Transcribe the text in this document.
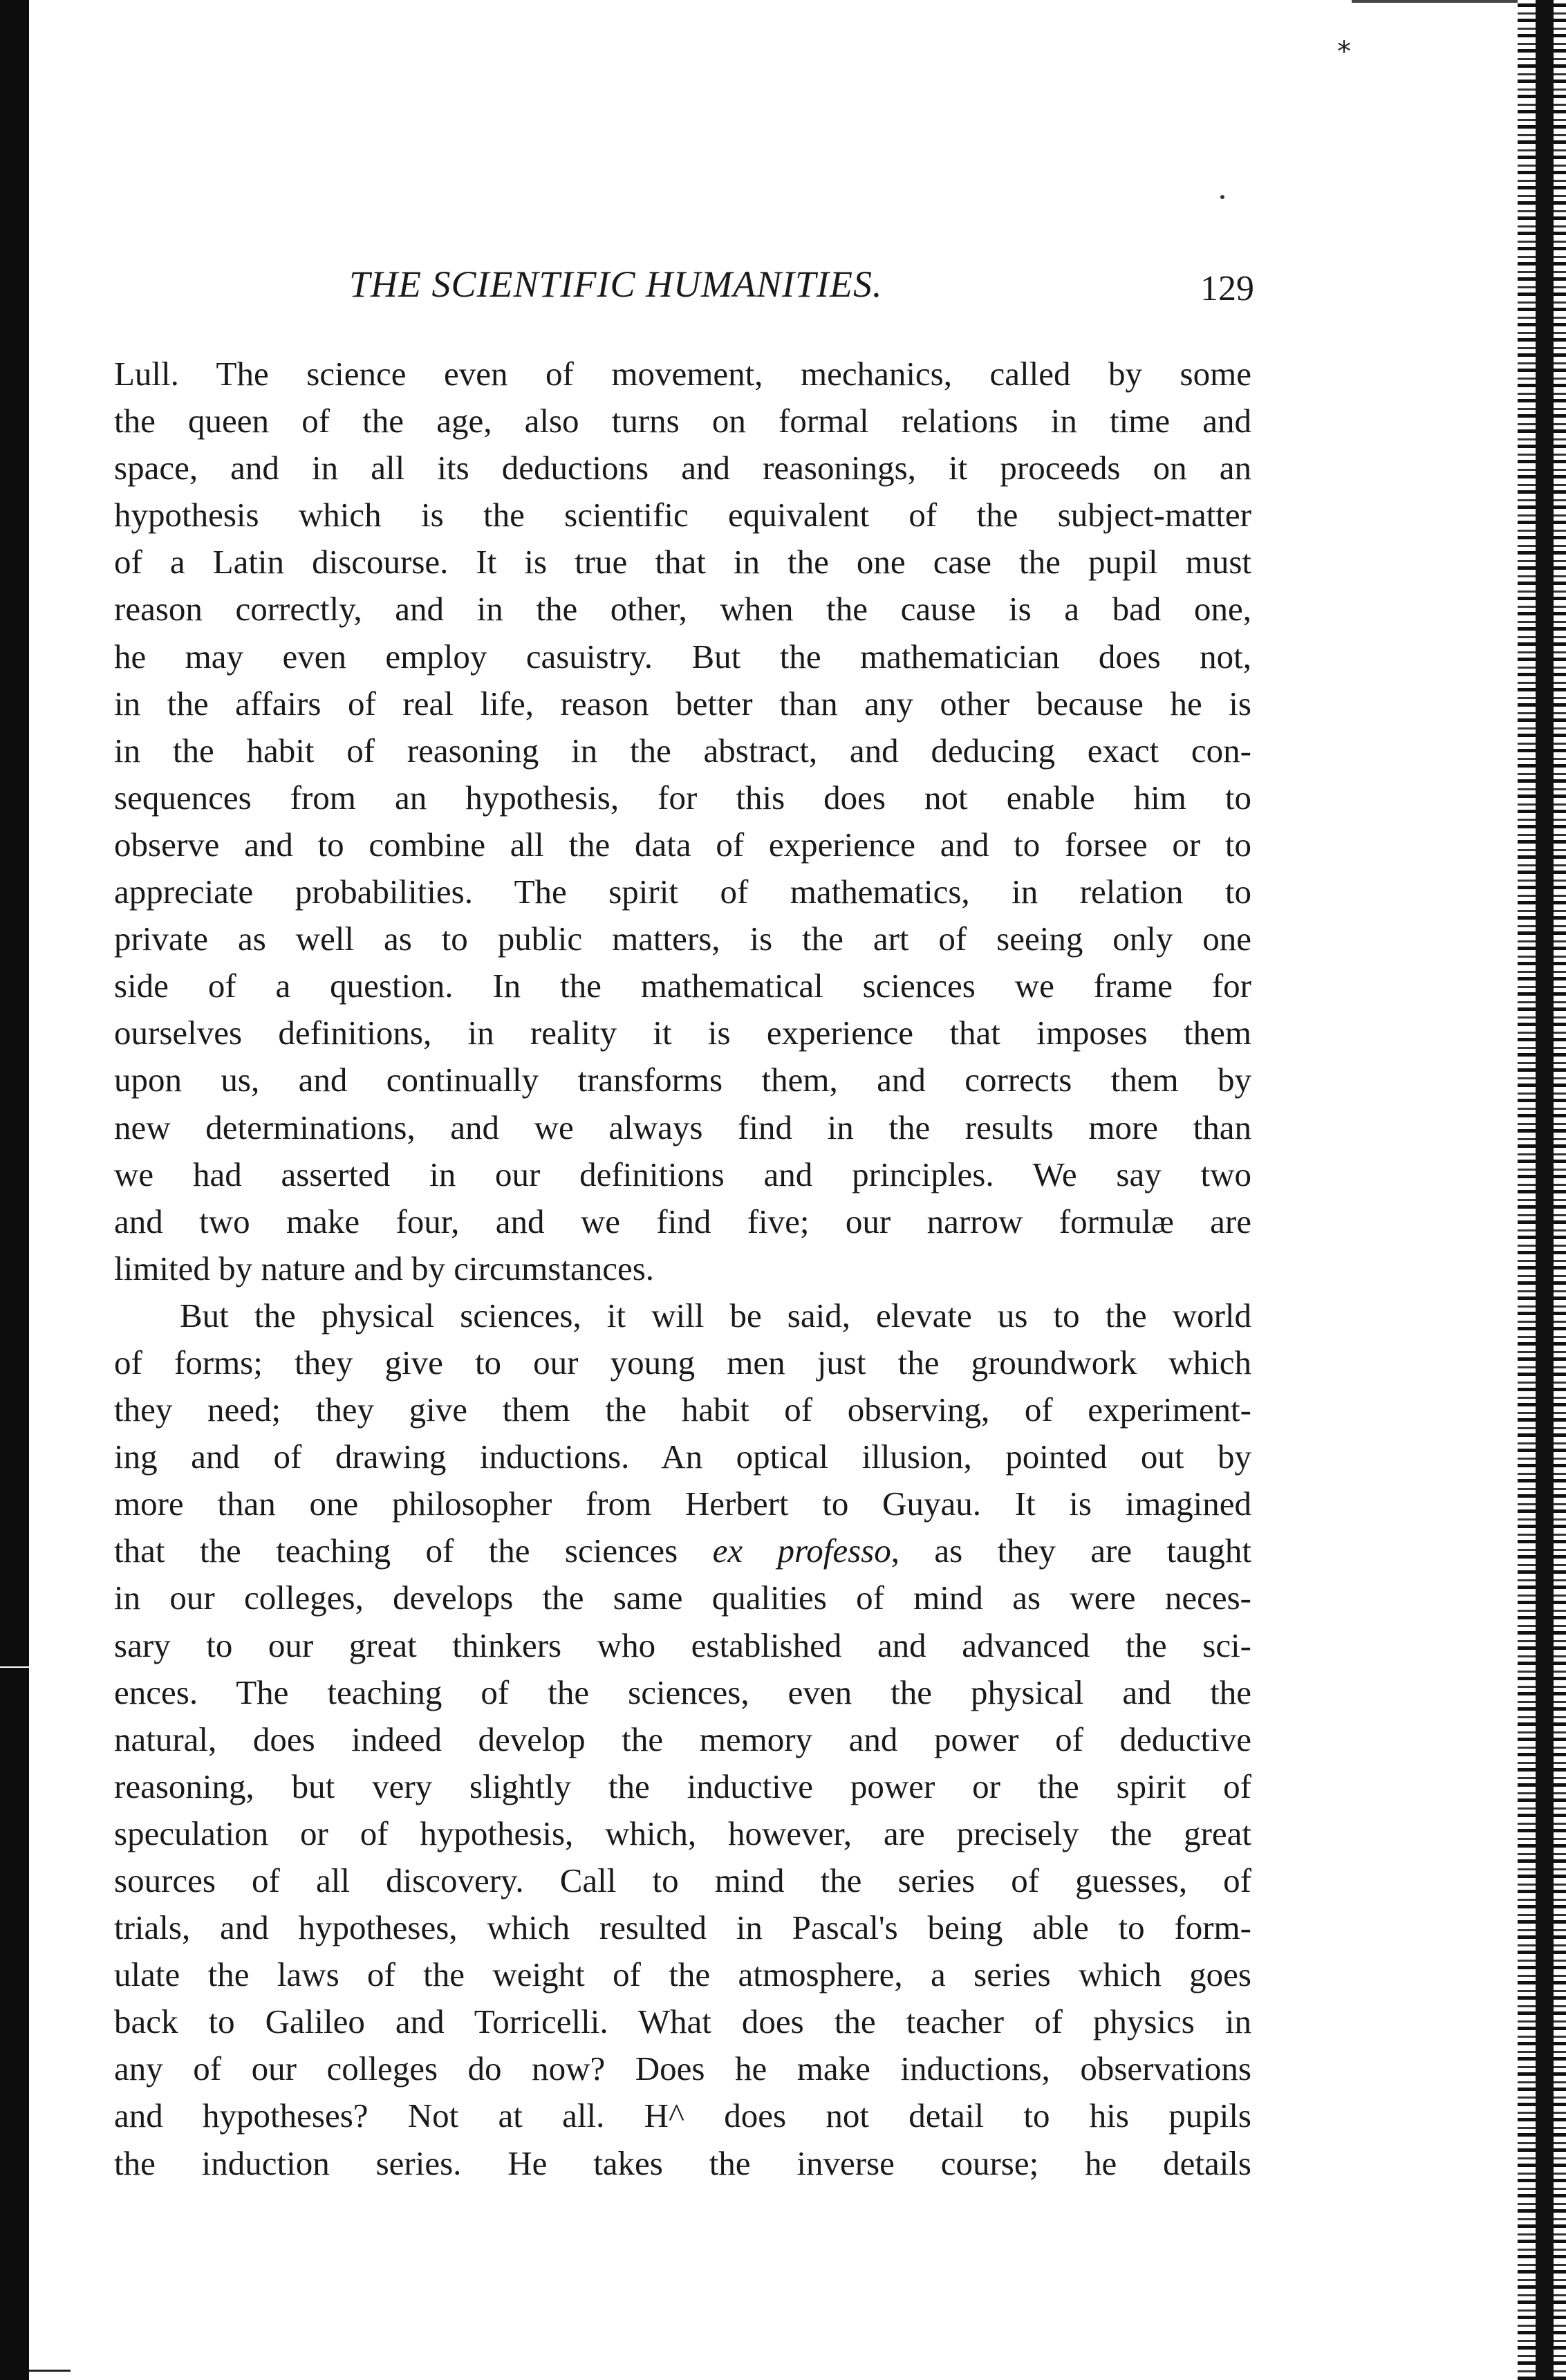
*
THE SCIENTIFIC HUMANITIES.	129
Lull. The science even of movement, mechanics, called by some
the queen of the age, also turns on formal relations in time and
space, and in all its deductions and reasonings, it proceeds on an
hypothesis which is the scientific equivalent of the subject-matter
of a Latin discourse. It is true that in the one case the pupil must
reason correctly, and in the other, when the cause is a bad one,
he may even employ casuistry. But the mathematician does not,
in the affairs of real life, reason better than any other because he is
in the habit of reasoning in the abstract, and deducing exact con-
sequences from an hypothesis, for this does not enable him to
observe and to combine all the data of experience and to forsee or to
appreciate probabilities. The spirit of mathematics, in relation to
private as well as to public matters, is the art of seeing only one
side of a question. In the mathematical sciences we frame for
ourselves definitions, in reality it is experience that imposes them
upon us, and continually transforms them, and corrects them by
new determinations, and we always find in the results more than
we had asserted in our definitions and principles. We say two
and two make four, and we find five; our narrow formulæ are
limited by nature and by circumstances.
But the physical sciences, it will be said, elevate us to the world
of forms; they give to our young men just the groundwork which
they need; they give them the habit of observing, of experiment-
ing and of drawing inductions. An optical illusion, pointed out by
more than one philosopher from Herbert to Guyau. It is imagined
that the teaching of the sciences ex professo, as they are taught
in our colleges, develops the same qualities of mind as were neces-
sary to our great thinkers who established and advanced the sci-
ences. The teaching of the sciences, even the physical and the
natural, does indeed develop the memory and power of deductive
reasoning, but very slightly the inductive power or the spirit of
speculation or of hypothesis, which, however, are precisely the great
sources of all discovery. Call to mind the series of guesses, of
trials, and hypotheses, which resulted in Pascal's being able to form-
ulate the laws of the weight of the atmosphere, a series which goes
back to Galileo and Torricelli. What does the teacher of physics in
any of our colleges do now? Does he make inductions, observations
and hypotheses? Not at all. H^ does not detail to his pupils
the induction series. He takes the inverse course; he details
